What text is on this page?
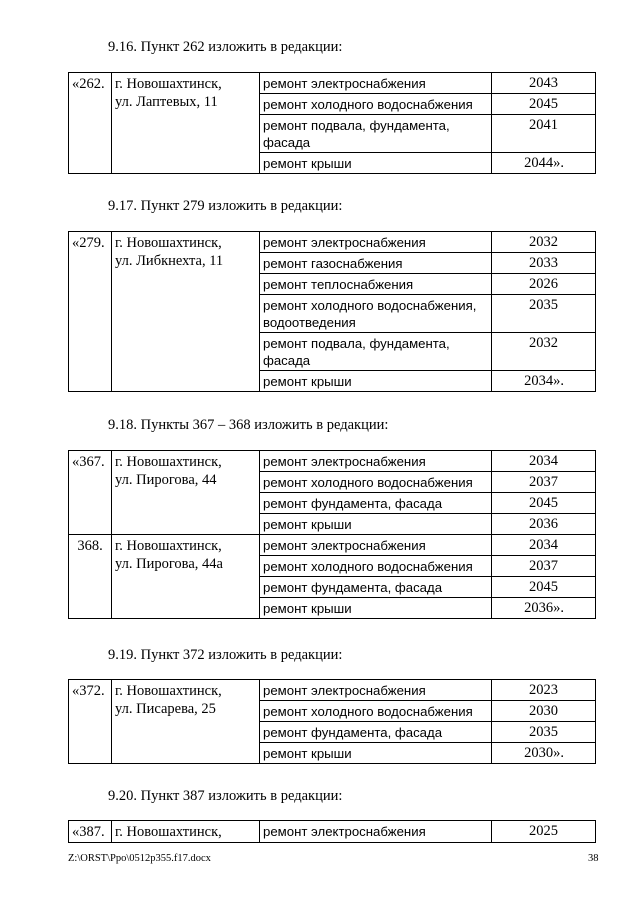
9.16. Пункт 262 изложить в редакции:
«262.	г. Новошахтинск,
ул. Лаптевых, 11	ремонт электроснабжения	2043

		ремонт холодного водоснабжения	2045

		ремонт подвала, фундамента,
фасада	2041

		ремонт крыши	2044».
9.17. Пункт 279 изложить в редакции:
«279.	г. Новошахтинск,
ул. Либкнехта, 11	ремонт электроснабжения	2032

		ремонт газоснабжения	2033

		ремонт теплоснабжения	2026

		ремонт холодного водоснабжения,
водоотведения	2035

		ремонт подвала, фундамента,
фасада	2032

		ремонт крыши	2034».
9.18. Пункты 367 – 368 изложить в редакции:
«367.	г. Новошахтинск,
ул. Пирогова, 44	ремонт электроснабжения	2034

		ремонт холодного водоснабжения	2037

		ремонт фундамента, фасада	2045

		ремонт крыши	2036

368.	г. Новошахтинск,
ул. Пирогова, 44а	ремонт электроснабжения	2034

		ремонт холодного водоснабжения	2037

		ремонт фундамента, фасада	2045

		ремонт крыши	2036».
9.19. Пункт 372 изложить в редакции:
«372.	г. Новошахтинск,
ул. Писарева, 25	ремонт электроснабжения	2023

		ремонт холодного водоснабжения	2030

		ремонт фундамента, фасада	2035

		ремонт крыши	2030».
9.20. Пункт 387 изложить в редакции:
«387.	г. Новошахтинск,	ремонт электроснабжения	2025
Z:\ORST\Ppo\0512p355.f17.docx	38
